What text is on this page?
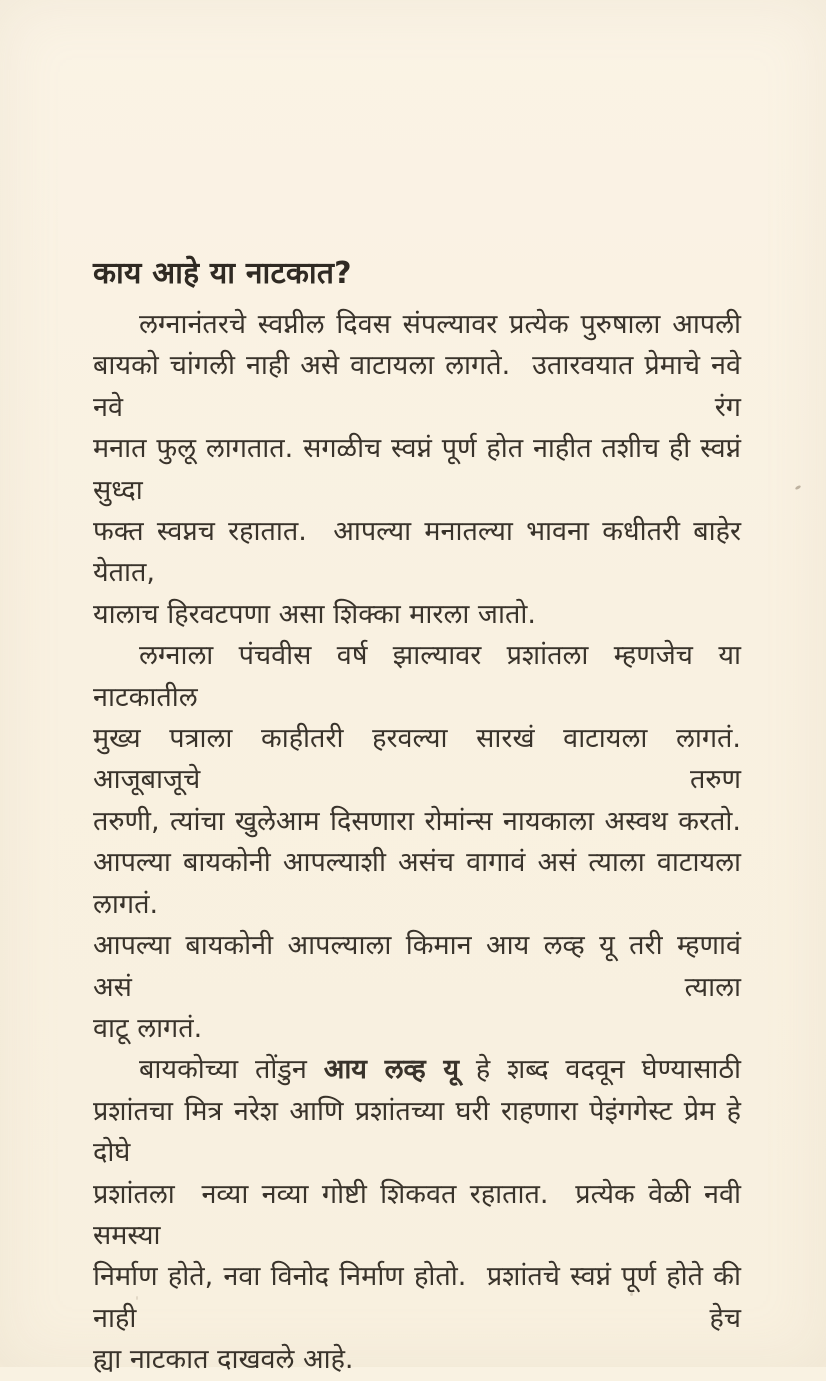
काय आहे या नाटकात?
लग्नानंतरचे स्वप्नील दिवस संपल्यावर प्रत्येक पुरुषाला आपली
बायको चांगली नाही असे वाटायला लागते.  उतारवयात प्रेमाचे नवे नवे रंग
मनात फुलू लागतात. सगळीच स्वप्नं पूर्ण होत नाहीत तशीच ही स्वप्नं सुध्दा
फक्त स्वप्नच रहातात.  आपल्या मनातल्या भावना कधीतरी बाहेर येतात,
यालाच हिरवटपणा असा शिक्का मारला जातो.
लग्नाला पंचवीस वर्ष झाल्यावर प्रशांतला म्हणजेच या नाटकातील
मुख्य पत्राला काहीतरी हरवल्या सारखं वाटायला लागतं.  आजूबाजूचे तरुण
तरुणी, त्यांचा खुलेआम दिसणारा रोमांन्स नायकाला अस्वथ करतो.
आपल्या बायकोनी आपल्याशी असंच वागावं असं त्याला वाटायला लागतं.
आपल्या बायकोनी आपल्याला किमान आय लव्ह यू तरी म्हणावं असं त्याला
वाटू लागतं.
बायकोच्या तोंडुन आय लव्ह यू हे शब्द वदवून घेण्यासाठी
प्रशांतचा मित्र नरेश आणि प्रशांतच्या घरी राहणारा पेइंगगेस्ट प्रेम हे दोघे
प्रशांतला  नव्या नव्या गोष्टी शिकवत रहातात.  प्रत्येक वेळी नवी समस्या
निर्माण होते, नवा विनोद निर्माण होतो.  प्रशांतचे स्वप्नं पूर्ण होते की नाही हेच
ह्या नाटकात दाखवले आहे.
